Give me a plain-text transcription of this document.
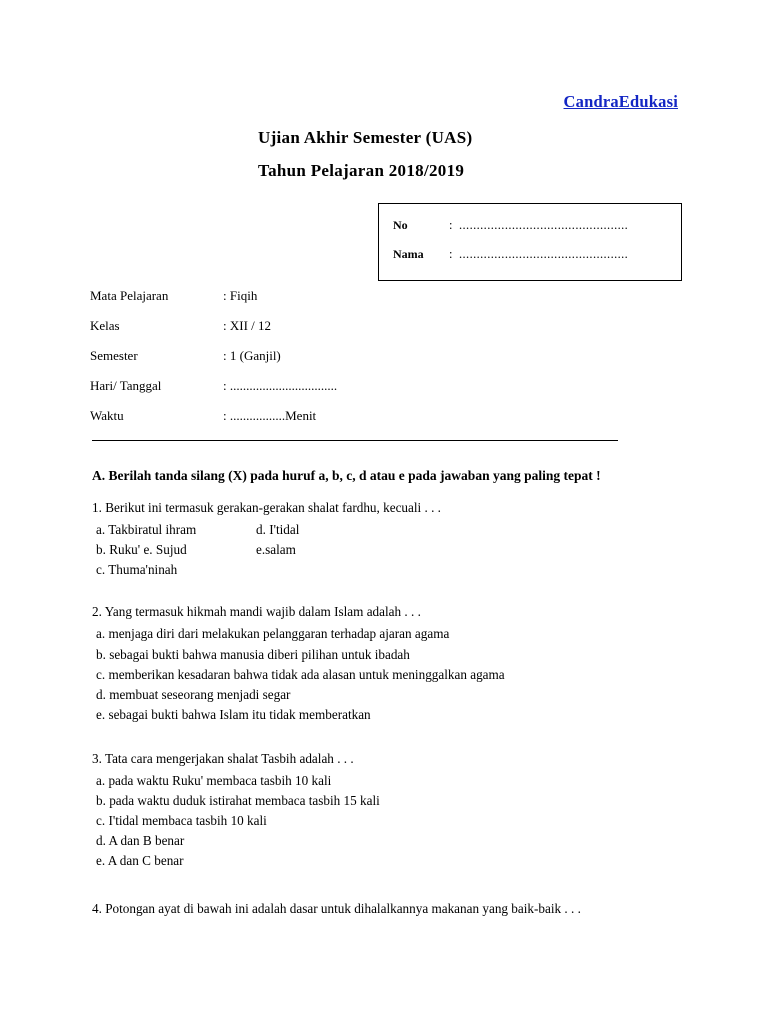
CandraEdukasi
Ujian Akhir Semester (UAS)
Tahun Pelajaran 2018/2019
No	: ................................................
Nama	: ................................................
Mata Pelajaran	: Fiqih
Kelas	: XII / 12
Semester	: 1 (Ganjil)
Hari/ Tanggal	: .................................
Waktu	: .................Menit
A. Berilah tanda silang (X) pada huruf a, b, c, d atau e pada jawaban yang paling tepat !
1. Berikut ini termasuk gerakan-gerakan shalat fardhu, kecuali . . .
a. Takbiratul ihram	d. I'tidal
b. Ruku' e. Sujud	e.salam
c. Thuma'ninah
2. Yang termasuk hikmah mandi wajib dalam Islam adalah . . .
a. menjaga diri dari melakukan pelanggaran terhadap ajaran agama
b. sebagai bukti bahwa manusia diberi pilihan untuk ibadah
c. memberikan kesadaran bahwa tidak ada alasan untuk meninggalkan agama
d. membuat seseorang menjadi segar
e. sebagai bukti bahwa Islam itu tidak memberatkan
3. Tata cara mengerjakan shalat Tasbih adalah . . .
a. pada waktu Ruku' membaca tasbih 10 kali
b. pada waktu duduk istirahat membaca tasbih 15 kali
c. I'tidal membaca tasbih 10 kali
d. A dan B benar
e. A dan C benar
4. Potongan ayat di bawah ini adalah dasar untuk dihalalkannya makanan yang baik-baik . . .
